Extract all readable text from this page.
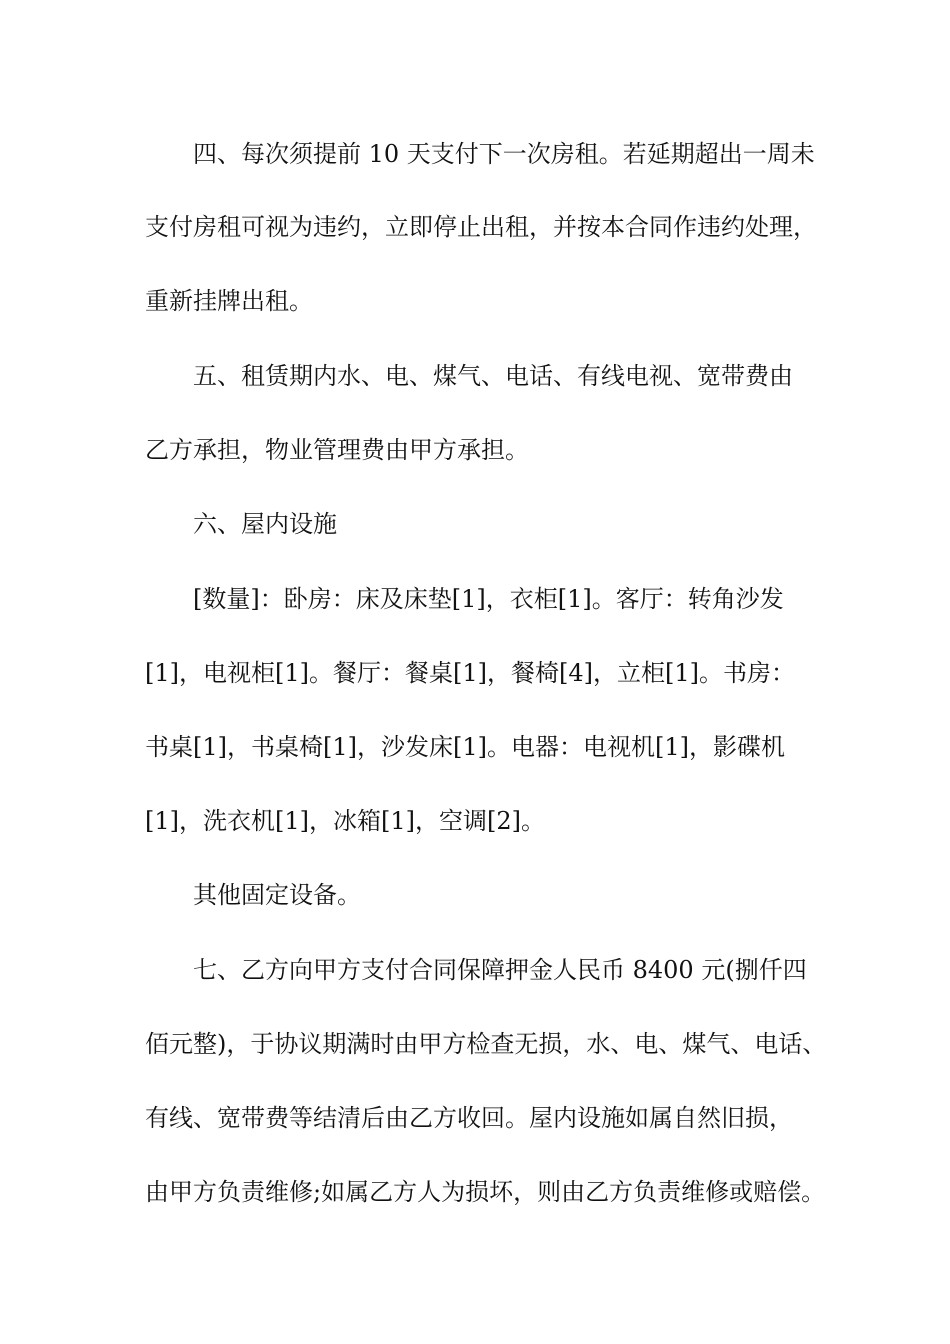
四、每次须提前 10 天支付下一次房租。若延期超出一周未
支付房租可视为违约，立即停止出租，并按本合同作违约处理，
重新挂牌出租。
五、租赁期内水、电、煤气、电话、有线电视、宽带费由
乙方承担，物业管理费由甲方承担。
六、屋内设施
[数量]：卧房：床及床垫[1]，衣柜[1]。客厅：转角沙发
[1]，电视柜[1]。餐厅：餐桌[1]，餐椅[4]，立柜[1]。书房：
书桌[1]，书桌椅[1]，沙发床[1]。电器：电视机[1]，影碟机
[1]，洗衣机[1]，冰箱[1]，空调[2]。
其他固定设备。
七、乙方向甲方支付合同保障押金人民币 8400 元(捌仟四
佰元整)，于协议期满时由甲方检查无损，水、电、煤气、电话、
有线、宽带费等结清后由乙方收回。屋内设施如属自然旧损，
由甲方负责维修;如属乙方人为损坏，则由乙方负责维修或赔偿。
